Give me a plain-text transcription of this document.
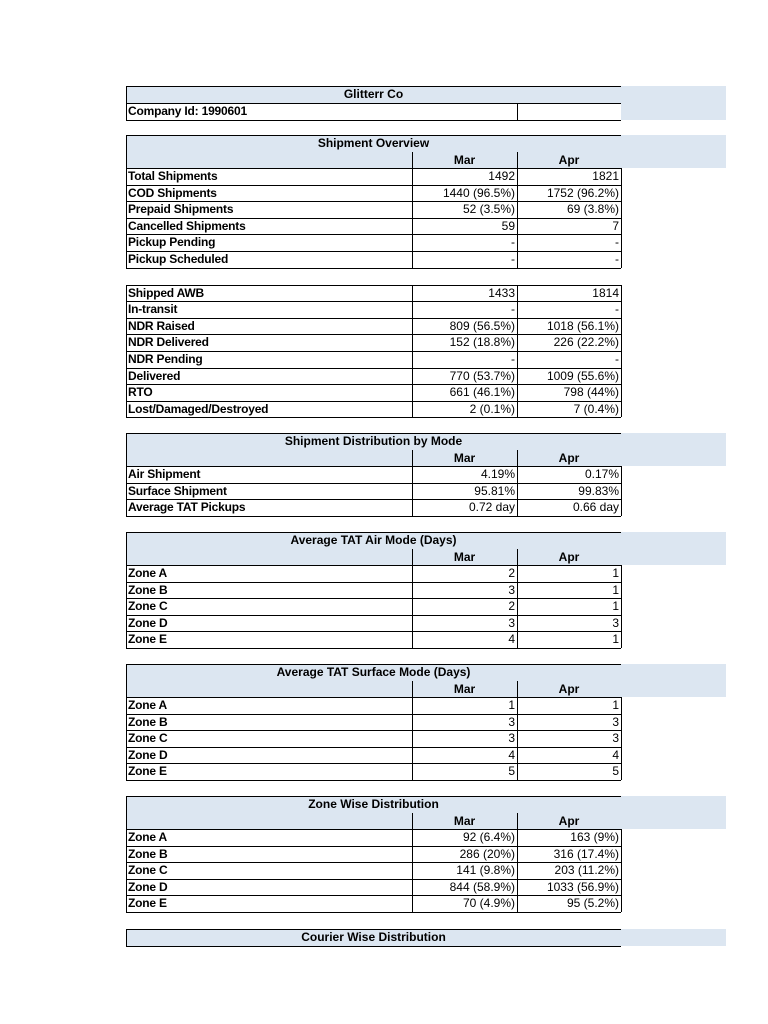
Glitterr Co
Company Id: 1990601
Shipment Overview
Mar	Apr
Total Shipments	1492	1821
COD Shipments	1440 (96.5%)	1752 (96.2%)
Prepaid Shipments	52 (3.5%)	69 (3.8%)
Cancelled Shipments	59	7
Pickup Pending	-	-
Pickup Scheduled	-	-
Shipped AWB	1433	1814
In-transit	-	-
NDR Raised	809 (56.5%)	1018 (56.1%)
NDR Delivered	152 (18.8%)	226 (22.2%)
NDR Pending	-	-
Delivered	770 (53.7%)	1009 (55.6%)
RTO	661 (46.1%)	798 (44%)
Lost/Damaged/Destroyed	2 (0.1%)	7 (0.4%)
Shipment Distribution by Mode
Mar	Apr
Air Shipment	4.19%	0.17%
Surface Shipment	95.81%	99.83%
Average TAT Pickups	0.72 day	0.66 day
Average TAT Air Mode (Days)
Mar	Apr
Zone A	2	1
Zone B	3	1
Zone C	2	1
Zone D	3	3
Zone E	4	1
Average TAT Surface Mode (Days)
Mar	Apr
Zone A	1	1
Zone B	3	3
Zone C	3	3
Zone D	4	4
Zone E	5	5
Zone Wise Distribution
Mar	Apr
Zone A	92 (6.4%)	163 (9%)
Zone B	286 (20%)	316 (17.4%)
Zone C	141 (9.8%)	203 (11.2%)
Zone D	844 (58.9%)	1033 (56.9%)
Zone E	70 (4.9%)	95 (5.2%)
Courier Wise Distribution
